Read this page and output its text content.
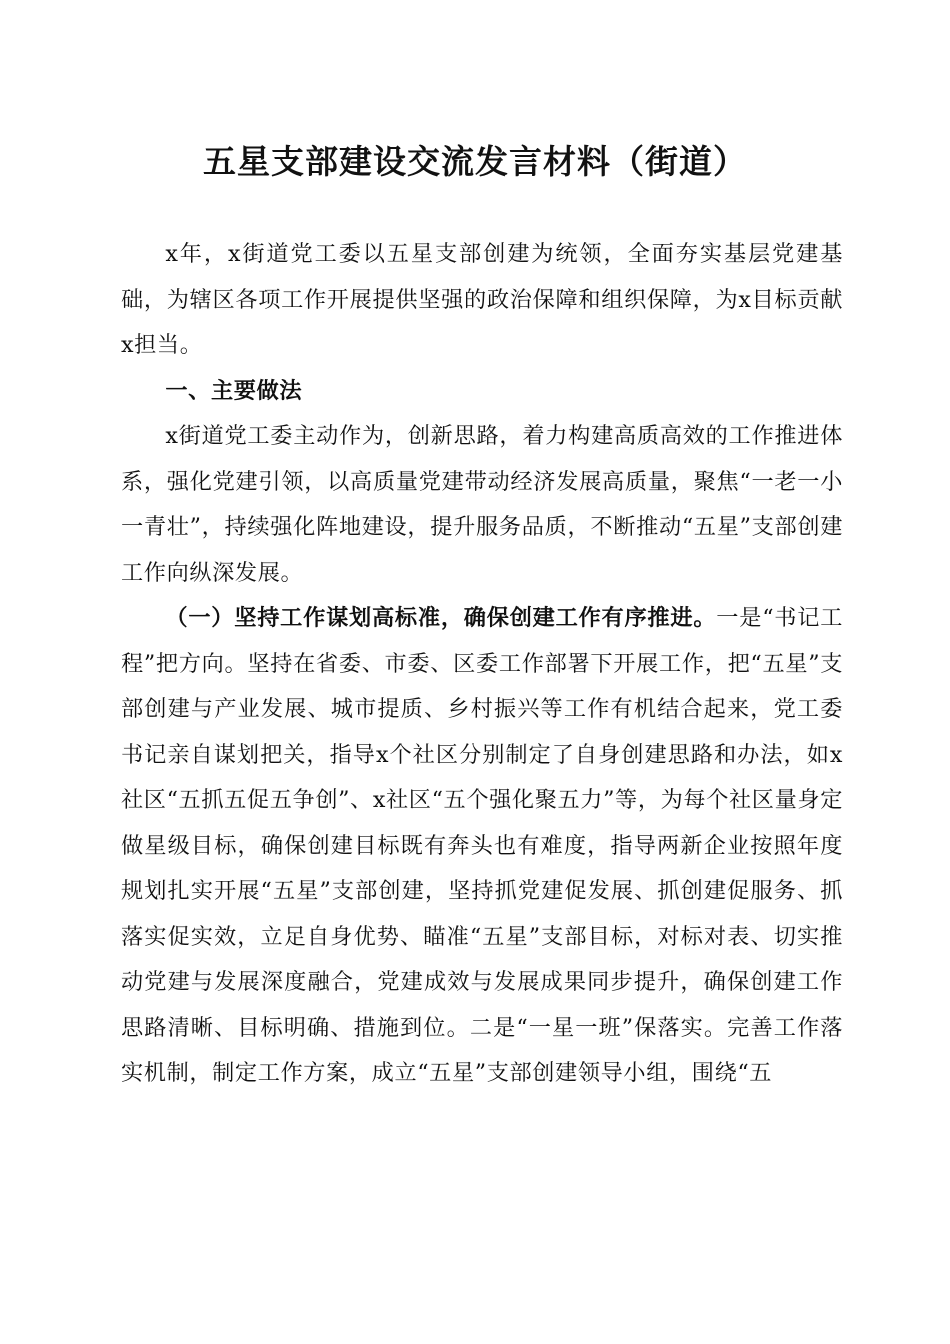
五星支部建设交流发言材料（街道）

x年，x街道党工委以五星支部创建为统领，全面夯实基层党建基础，为辖区各项工作开展提供坚强的政治保障和组织保障，为x目标贡献x担当。

一、主要做法

x街道党工委主动作为，创新思路，着力构建高质高效的工作推进体系，强化党建引领，以高质量党建带动经济发展高质量，聚焦“一老一小一青壮”，持续强化阵地建设，提升服务品质，不断推动“五星”支部创建工作向纵深发展。

（一）坚持工作谋划高标准，确保创建工作有序推进。一是“书记工程”把方向。坚持在省委、市委、区委工作部署下开展工作，把“五星”支部创建与产业发展、城市提质、乡村振兴等工作有机结合起来，党工委书记亲自谋划把关，指导x个社区分别制定了自身创建思路和办法，如x社区“五抓五促五争创”、x社区“五个强化聚五力”等，为每个社区量身定做星级目标，确保创建目标既有奔头也有难度，指导两新企业按照年度规划扎实开展“五星”支部创建，坚持抓党建促发展、抓创建促服务、抓落实促实效，立足自身优势、瞄准“五星”支部目标，对标对表、切实推动党建与发展深度融合，党建成效与发展成果同步提升，确保创建工作思路清晰、目标明确、措施到位。二是“一星一班”保落实。完善工作落实机制，制定工作方案，成立“五星”支部创建领导小组，围绕“五
